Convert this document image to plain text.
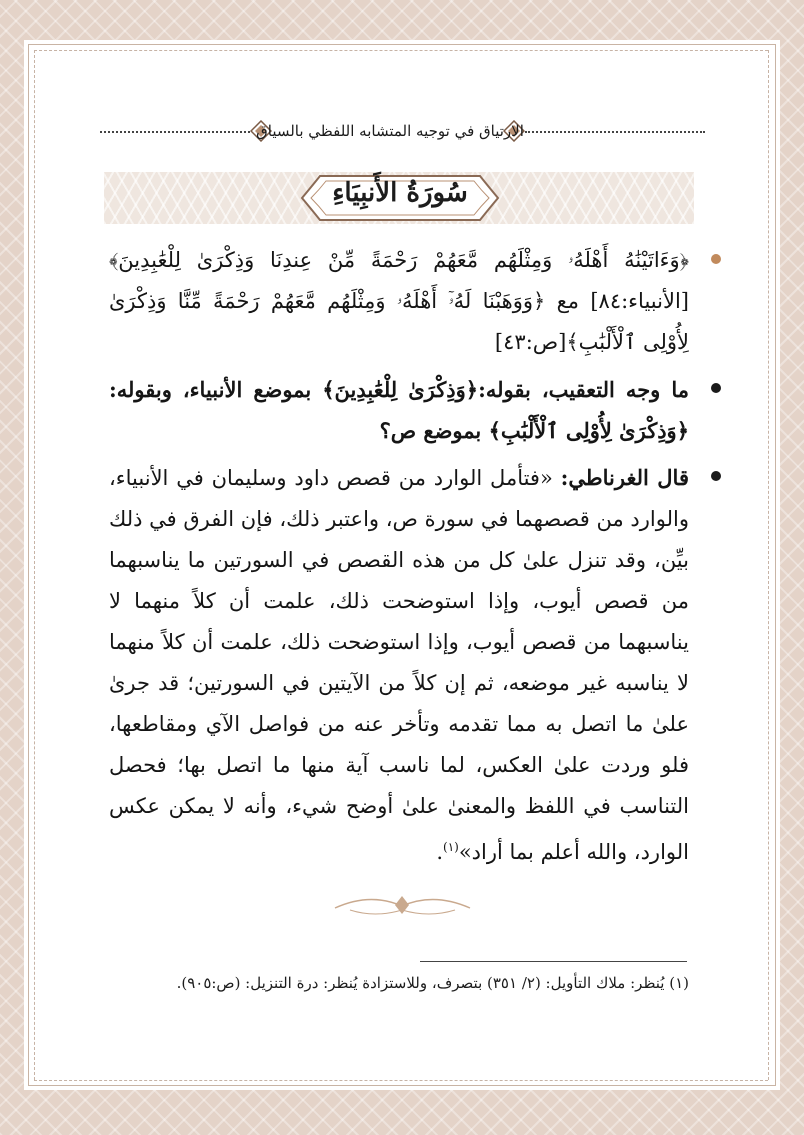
الارتياق في توجيه المتشابه اللفظي بالسياق
سُورَةُ الأَنبِيَاءِ

﴿وَءَاتَيْنَٰهُ أَهْلَهُۥ وَمِثْلَهُم مَّعَهُمْ رَحْمَةً مِّنْ عِندِنَا وَذِكْرَىٰ لِلْعَٰبِدِينَ﴾ [الأنبياء:٨٤] مع ﴿وَوَهَبْنَا لَهُۥٓ أَهْلَهُۥ وَمِثْلَهُم مَّعَهُمْ رَحْمَةً مِّنَّا وَذِكْرَىٰ لِأُوْلِى ٱلْأَلْبَٰبِ﴾[ص:٤٣]

ما وجه التعقيب، بقوله:﴿وَذِكْرَىٰ لِلْعَٰبِدِينَ﴾ بموضع الأنبياء، وبقوله: ﴿وَذِكْرَىٰ لِأُوْلِى ٱلْأَلْبَٰبِ﴾ بموضع ص؟

قال الغرناطي: «فتأمل الوارد من قصص داود وسليمان في الأنبياء، والوارد من قصصهما في سورة ص، واعتبر ذلك، فإن الفرق في ذلك بيِّن، وقد تنزل علىٰ كل من هذه القصص في السورتين ما يناسبهما من قصص أيوب، وإذا استوضحت ذلك، علمت أن كلاً منهما لا يناسبهما من قصص أيوب، وإذا استوضحت ذلك، علمت أن كلاً منهما لا يناسبه غير موضعه، ثم إن كلاً من الآيتين في السورتين؛ قد جرىٰ علىٰ ما اتصل به مما تقدمه وتأخر عنه من فواصل الآي ومقاطعها، فلو وردت علىٰ العكس، لما ناسب آية منها ما اتصل بها؛ فحصل التناسب في اللفظ والمعنىٰ علىٰ أوضح شيء، وأنه لا يمكن عكس الوارد، والله أعلم بما أراد»$^{(١)}$.

(١) يُنظر: ملاك التأويل: (٢/ ٣٥١) بتصرف، وللاستزادة يُنظر: درة التنزيل: (ص:٩٠٥).
